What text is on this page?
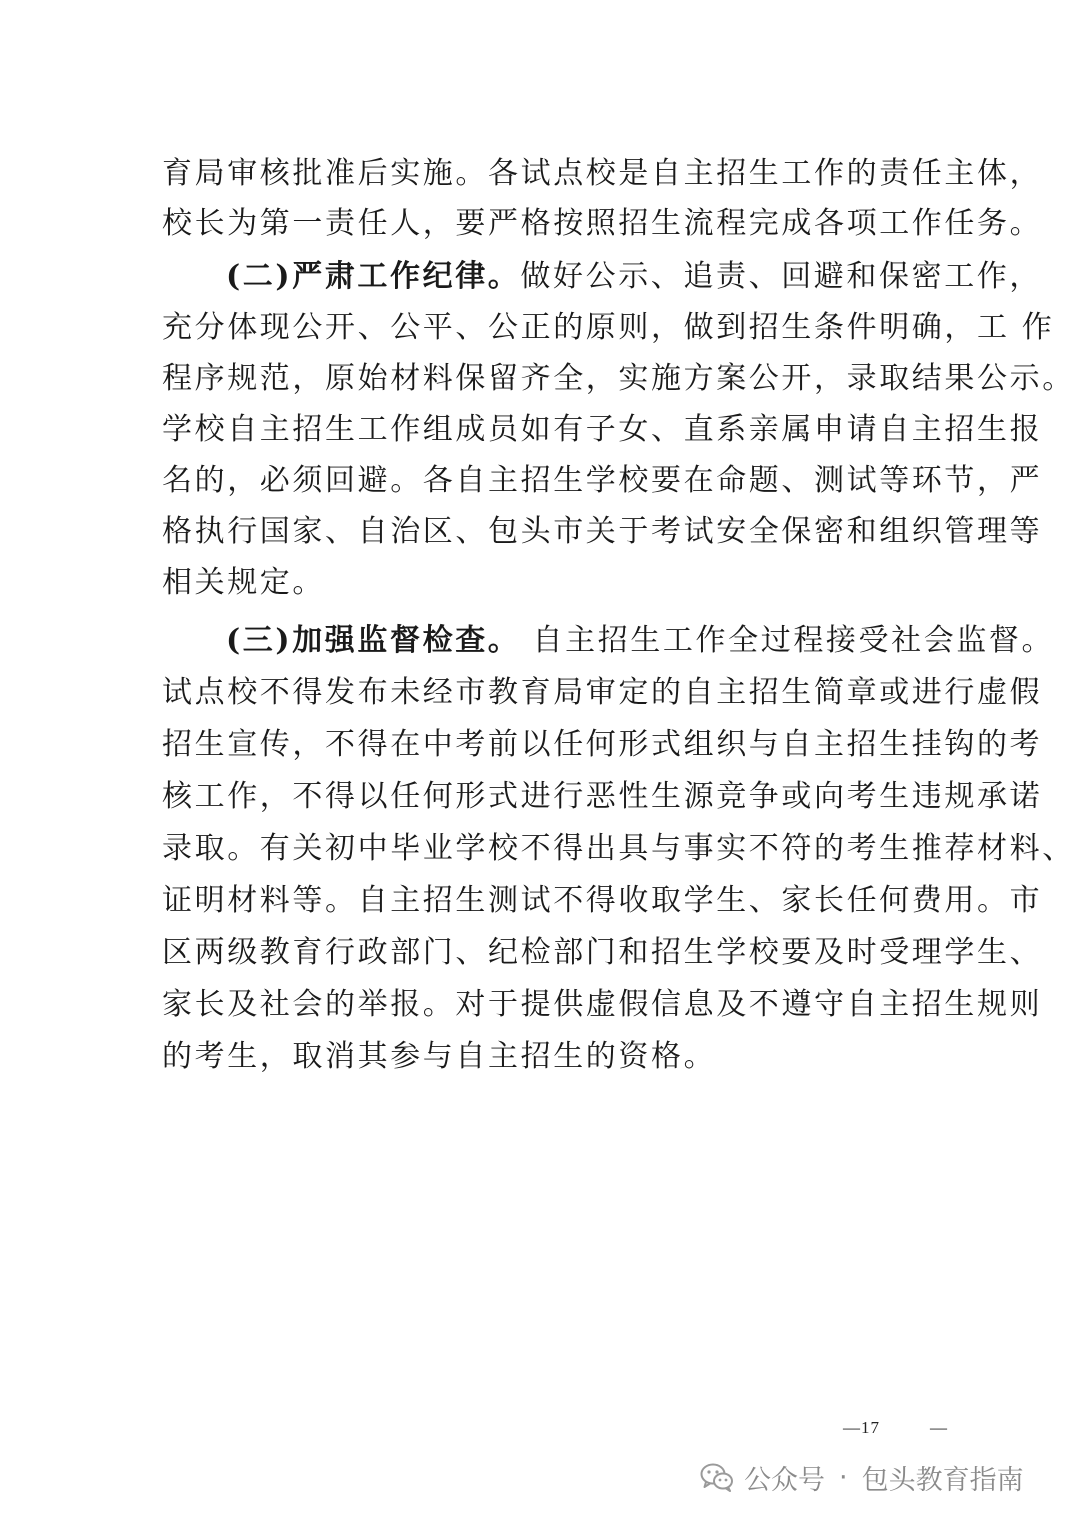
育局审核批准后实施。各试点校是自主招生工作的责任主体，
校长为第一责任人，要严格按照招生流程完成各项工作任务。
(二)严肃工作纪律。做好公示、追责、回避和保密工作，
充分体现公开、公平、公正的原则，做到招生条件明确，工 作
程序规范，原始材料保留齐全，实施方案公开，录取结果公示。
学校自主招生工作组成员如有子女、直系亲属申请自主招生报
名的，必须回避。各自主招生学校要在命题、测试等环节，严
格执行国家、自治区、包头市关于考试安全保密和组织管理等
相关规定。
(三)加强监督检查。 自主招生工作全过程接受社会监督。
试点校不得发布未经市教育局审定的自主招生简章或进行虚假
招生宣传，不得在中考前以任何形式组织与自主招生挂钩的考
核工作，不得以任何形式进行恶性生源竞争或向考生违规承诺
录取。有关初中毕业学校不得出具与事实不符的考生推荐材料、
证明材料等。自主招生测试不得收取学生、家长任何费用。市
区两级教育行政部门、纪检部门和招生学校要及时受理学生、
家长及社会的举报。对于提供虚假信息及不遵守自主招生规则
的考生，取消其参与自主招生的资格。
—17	—
公众号 · 包头教育指南
